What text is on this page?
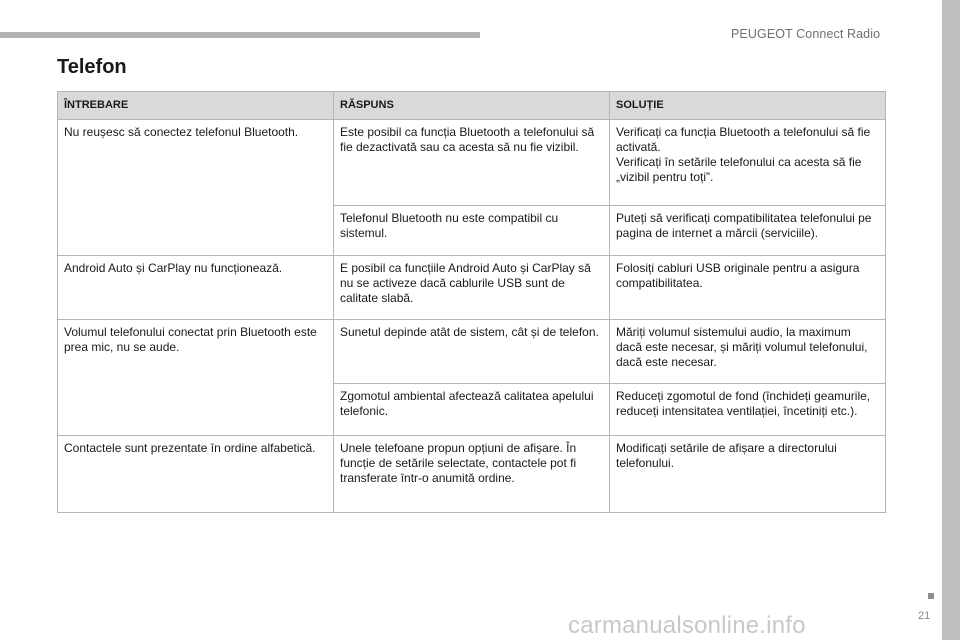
PEUGEOT Connect Radio
21
Telefon
ÎNTREBARE	RĂSPUNS	SOLUȚIE

Nu reușesc să conectez telefonul Bluetooth.	Este posibil ca funcția Bluetooth a telefonului să fie dezactivată sau ca acesta să nu fie vizibil.	Verificați ca funcția Bluetooth a telefonului să fie activată.
Verificați în setările telefonului ca acesta să fie „vizibil pentru toți”.

	Telefonul Bluetooth nu este compatibil cu sistemul.	Puteți să verificați compatibilitatea telefonului pe pagina de internet a mărcii (serviciile).

Android Auto și CarPlay nu funcționează.	E posibil ca funcțiile Android Auto și CarPlay să nu se activeze dacă cablurile USB sunt de calitate slabă.	Folosiți cabluri USB originale pentru a asigura compatibilitatea.

Volumul telefonului conectat prin Bluetooth este prea mic, nu se aude.	Sunetul depinde atât de sistem, cât și de telefon.	Măriți volumul sistemului audio, la maximum dacă este necesar, și măriți volumul telefonului, dacă este necesar.

	Zgomotul ambiental afectează calitatea apelului telefonic.	Reduceți zgomotul de fond (închideți geamurile, reduceți intensitatea ventilației, încetiniți etc.).

Contactele sunt prezentate în ordine alfabetică.	Unele telefoane propun opțiuni de afișare. În funcție de setările selectate, contactele pot fi transferate într-o anumită ordine.	Modificați setările de afișare a directorului telefonului.
carmanualsonline.info
